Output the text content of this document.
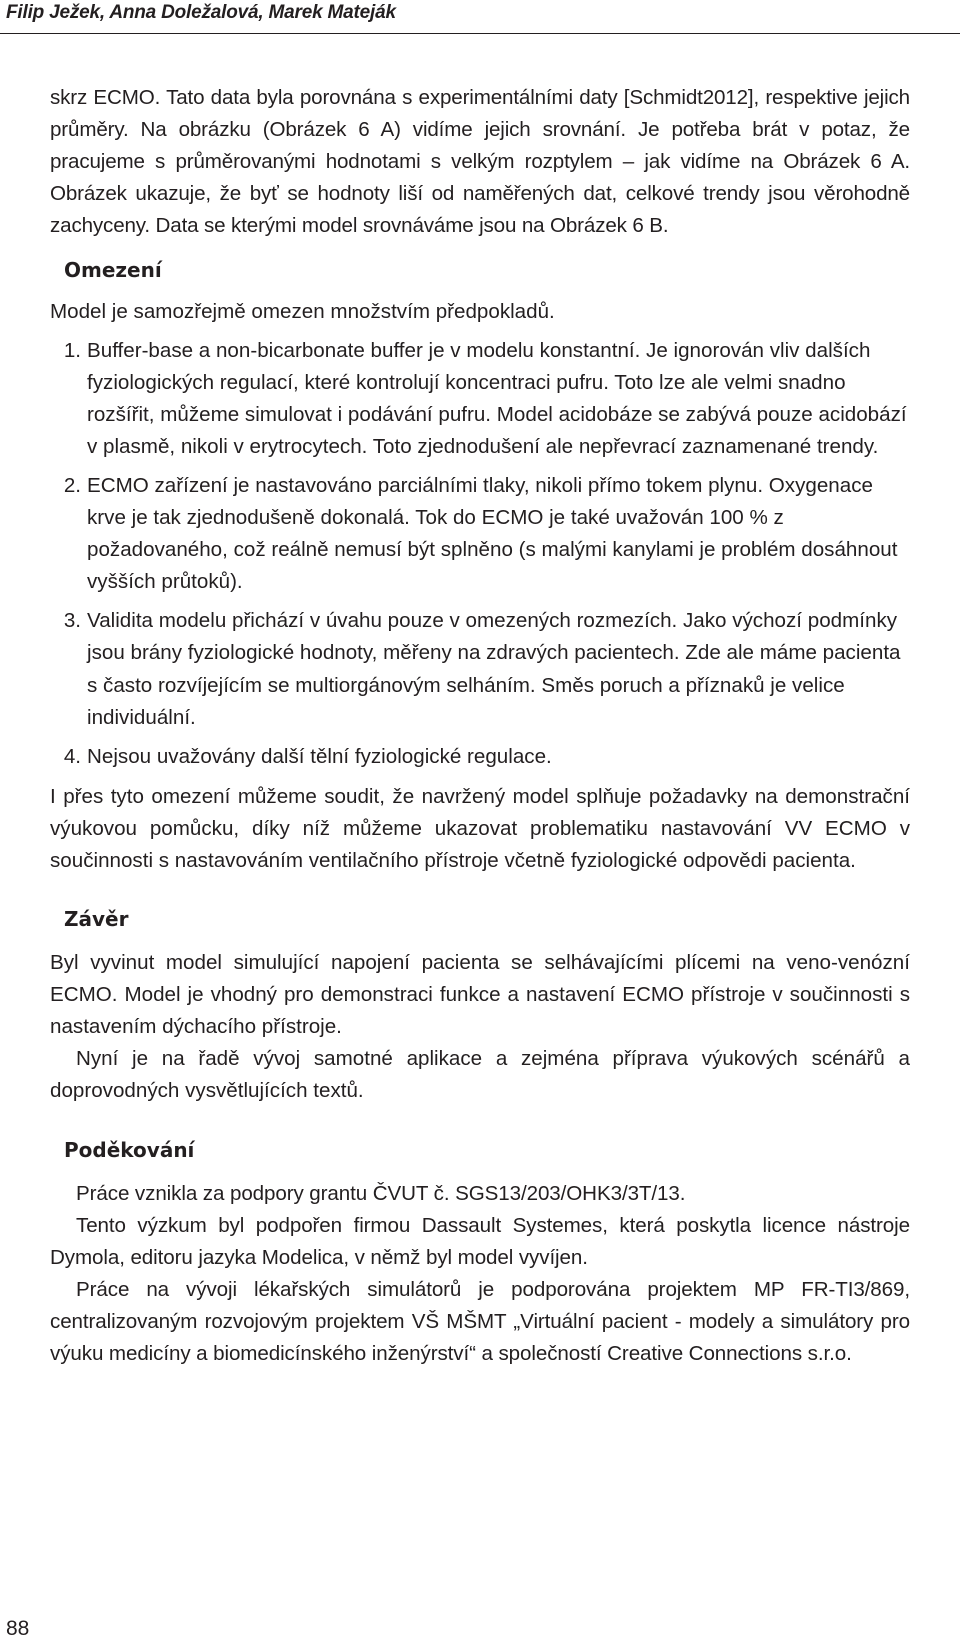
Filip Ježek, Anna Doležalová, Marek Mateják

skrz ECMO. Tato data byla porovnána s experimentálními daty [Schmidt2012], respektive jejich průměry. Na obrázku (Obrázek 6 A) vidíme jejich srovnání. Je potřeba brát v potaz, že pracujeme s průměrovanými hodnotami s velkým rozptylem – jak vidíme na Obrázek 6 A. Obrázek ukazuje, že byť se hodnoty liší od naměřených dat, celkové trendy jsou věrohodně zachyceny. Data se kterými model srovnáváme jsou na Obrázek 6 B.

Omezení

Model je samozřejmě omezen množstvím předpokladů.

1. Buffer-base a non-bicarbonate buffer je v modelu konstantní. Je ignorován vliv dalších fyziologických regulací, které kontrolují koncentraci pufru. Toto lze ale velmi snadno rozšířit, můžeme simulovat i podávání pufru. Model acidobáze se zabývá pouze acidobází v plasmě, nikoli v erytrocytech. Toto zjednodušení ale nepřevrací zaznamenané trendy.
2. ECMO zařízení je nastavováno parciálními tlaky, nikoli přímo tokem plynu. Oxygenace krve je tak zjednodušeně dokonalá. Tok do ECMO je také uvažován 100 % z požadovaného, což reálně nemusí být splněno (s malými kanylami je problém dosáhnout vyšších průtoků).
3. Validita modelu přichází v úvahu pouze v omezených rozmezích. Jako výchozí podmínky jsou brány fyziologické hodnoty, měřeny na zdravých pacientech. Zde ale máme pacienta s často rozvíjejícím se multiorgánovým selháním. Směs poruch a příznaků je velice individuální.
4. Nejsou uvažovány další tělní fyziologické regulace.

I přes tyto omezení můžeme soudit, že navržený model splňuje požadavky na demonstrační výukovou pomůcku, díky níž můžeme ukazovat problematiku nastavování VV ECMO v součinnosti s nastavováním ventilačního přístroje včetně fyziologické odpovědi pacienta.

Závěr

Byl vyvinut model simulující napojení pacienta se selhávajícími plícemi na veno-venózní ECMO. Model je vhodný pro demonstraci funkce a nastavení ECMO přístroje v součinnosti s nastavením dýchacího přístroje.

Nyní je na řadě vývoj samotné aplikace a zejména příprava výukových scénářů a doprovodných vysvětlujících textů.

Poděkování

Práce vznikla za podpory grantu ČVUT č. SGS13/203/OHK3/3T/13.

Tento výzkum byl podpořen firmou Dassault Systemes, která poskytla licence nástroje Dymola, editoru jazyka Modelica, v němž byl model vyvíjen.

Práce na vývoji lékařských simulátorů je podporována projektem MP FR-TI3/869, centralizovaným rozvojovým projektem VŠ MŠMT „Virtuální pacient - modely a simulátory pro výuku medicíny a biomedicínského inženýrství“ a společností Creative Connections s.r.o.

88
